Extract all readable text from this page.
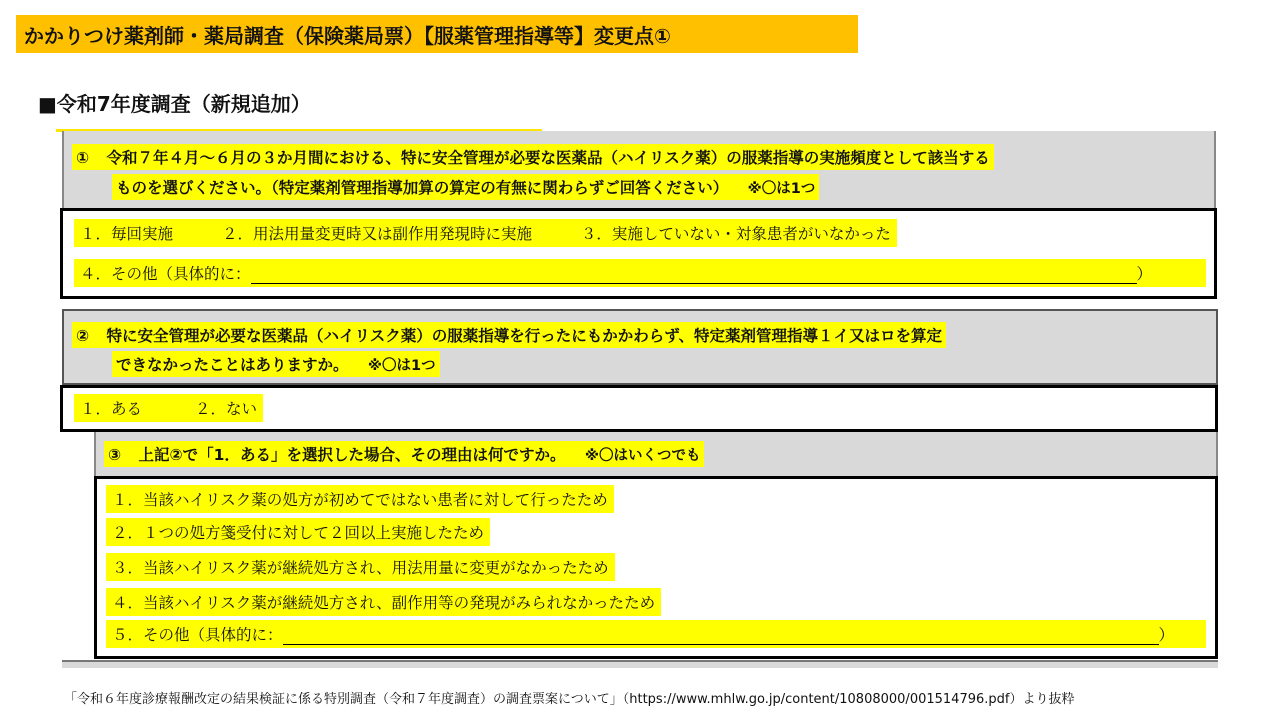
かかりつけ薬剤師・薬局調査（保険薬局票）【服薬管理指導等】変更点①
■令和7年度調査（新規追加）
① 令和７年４月～６月の３か月間における、特に安全管理が必要な医薬品（ハイリスク薬）の服薬指導の実施頻度として該当する
ものを選びください。（特定薬剤管理指導加算の算定の有無に関わらずご回答ください） ※〇は1つ
１．毎回実施	２．用法用量変更時又は副作用発現時に実施	３．実施していない・対象患者がいなかった
４．その他（具体的に：	）
② 特に安全管理が必要な医薬品（ハイリスク薬）の服薬指導を行ったにもかかわらず、特定薬剤管理指導１イ又はロを算定
できなかったことはありますか。 ※〇は1つ
１．ある	２．ない
③ 上記②で「1．ある」を選択した場合、その理由は何ですか。 ※〇はいくつでも
１．当該ハイリスク薬の処方が初めてではない患者に対して行ったため
２．１つの処方箋受付に対して２回以上実施したため
３．当該ハイリスク薬が継続処方され、用法用量に変更がなかったため
４．当該ハイリスク薬が継続処方され、副作用等の発現がみられなかったため
５．その他（具体的に：	）
「令和６年度診療報酬改定の結果検証に係る特別調査（令和７年度調査）の調査票案について」（https://www.mhlw.go.jp/content/10808000/001514796.pdf）より抜粋
